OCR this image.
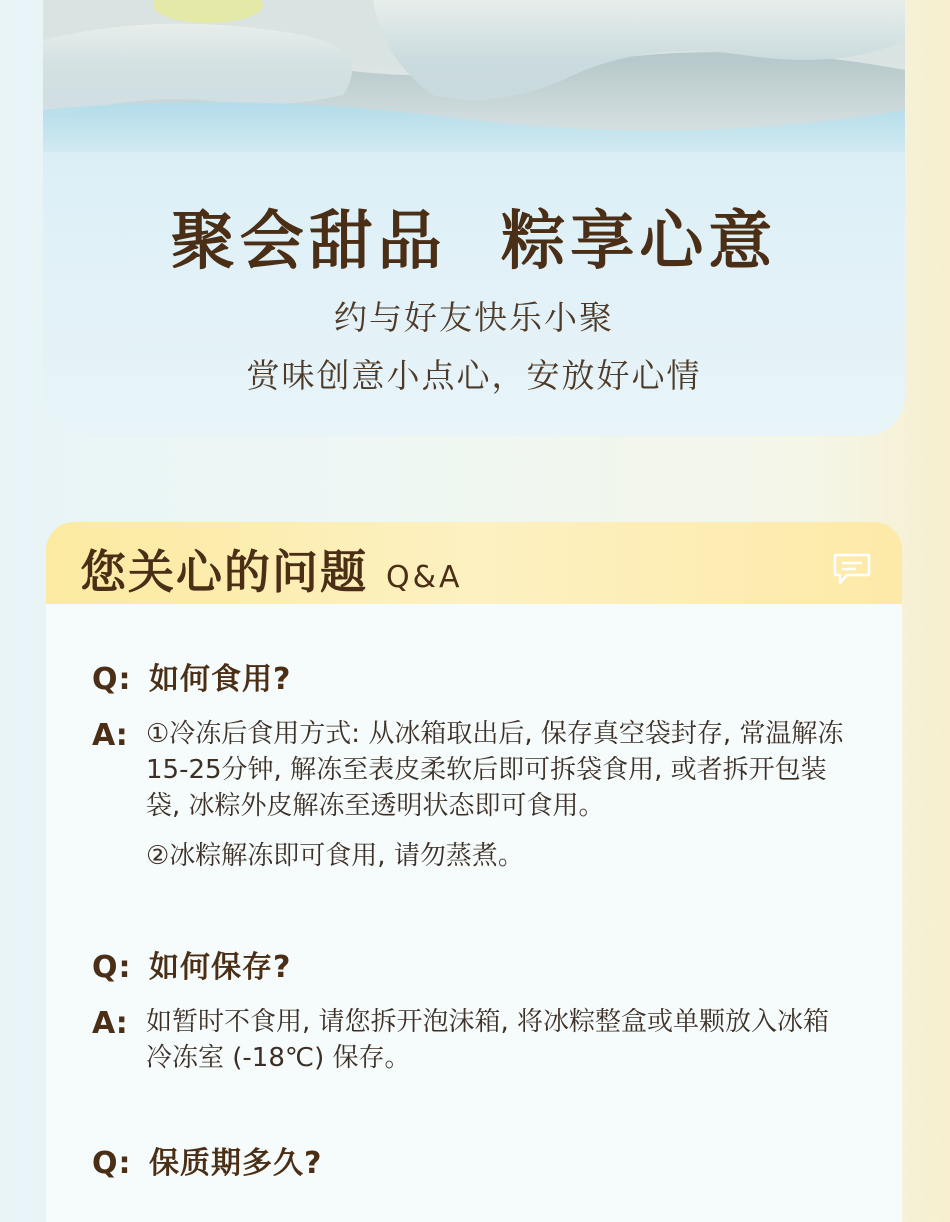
聚会甜品  粽享心意
约与好友快乐小聚
赏味创意小点心，安放好心情
您关心的问题 Q&A
Q: 如何食用?
A: ①冷冻后食用方式: 从冰箱取出后, 保存真空袋封存, 常温解冻15-25分钟, 解冻至表皮柔软后即可拆袋食用, 或者拆开包装袋, 冰粽外皮解冻至透明状态即可食用。
②冰粽解冻即可食用, 请勿蒸煮。
Q: 如何保存?
A: 如暂时不食用, 请您拆开泡沫箱, 将冰粽整盒或单颗放入冰箱冷冻室 (-18℃) 保存。
Q: 保质期多久?
